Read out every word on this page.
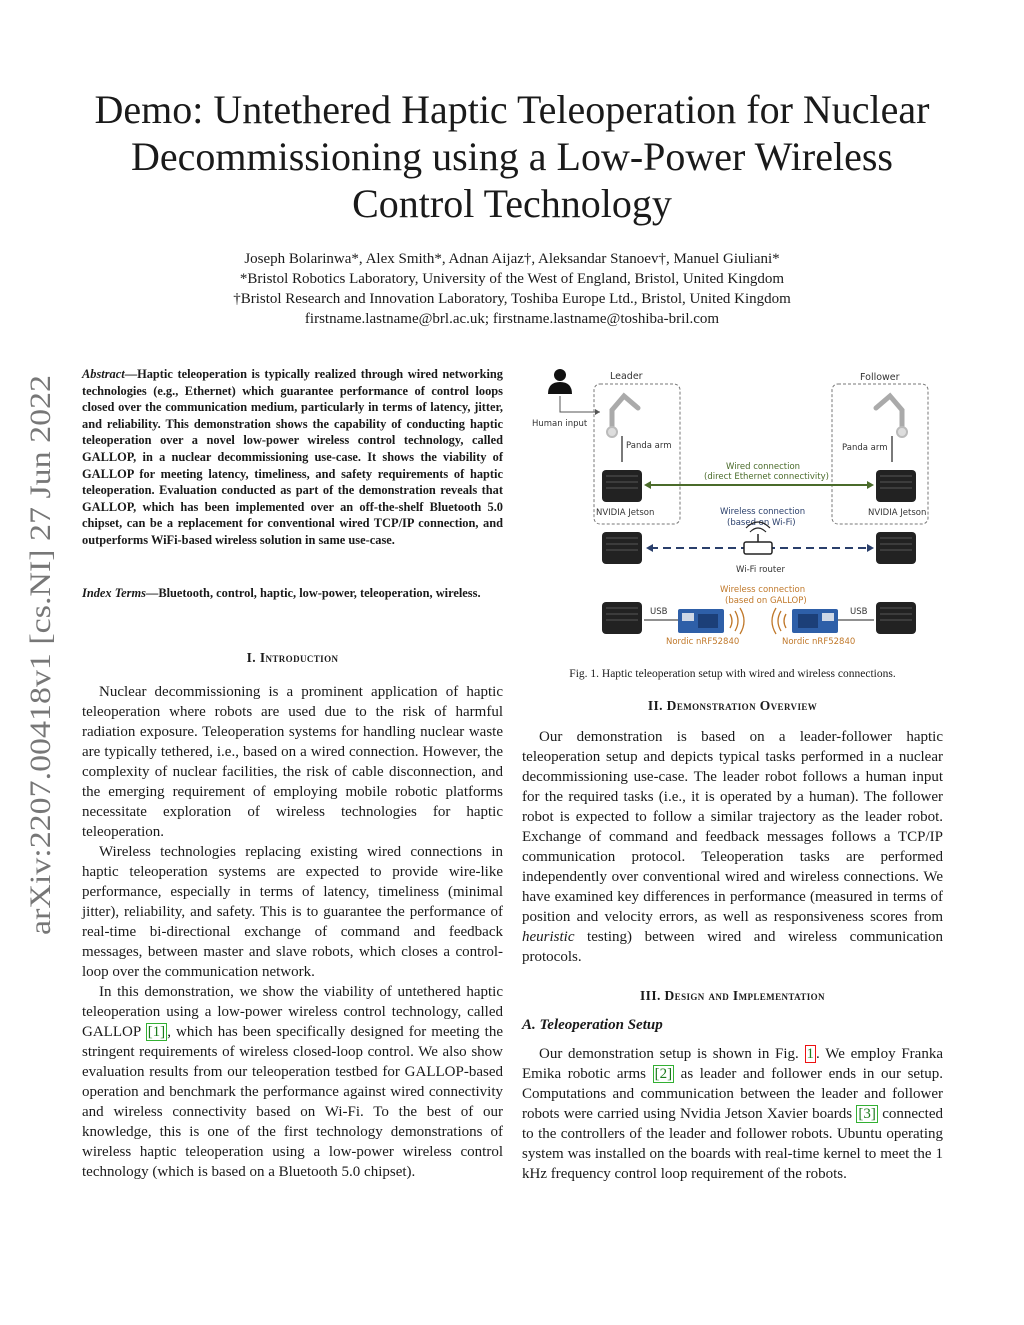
arXiv:2207.00418v1 [cs.NI] 27 Jun 2022
Demo: Untethered Haptic Teleoperation for Nuclear
Decommissioning using a Low-Power Wireless
Control Technology
Joseph Bolarinwa*, Alex Smith*, Adnan Aijaz†, Aleksandar Stanoev†, Manuel Giuliani*
*Bristol Robotics Laboratory, University of the West of England, Bristol, United Kingdom
†Bristol Research and Innovation Laboratory, Toshiba Europe Ltd., Bristol, United Kingdom
firstname.lastname@brl.ac.uk; firstname.lastname@toshiba-bril.com

Abstract—Haptic teleoperation is typically realized through wired networking technologies (e.g., Ethernet) which guarantee performance of control loops closed over the communication medium, particularly in terms of latency, jitter, and reliability. This demonstration shows the capability of conducting haptic teleoperation over a novel low-power wireless control technology, called GALLOP, in a nuclear decommissioning use-case. It shows the viability of GALLOP for meeting latency, timeliness, and safety requirements of haptic teleoperation. Evaluation conducted as part of the demonstration reveals that GALLOP, which has been implemented over an off-the-shelf Bluetooth 5.0 chipset, can be a replacement for conventional wired TCP/IP connection, and outperforms WiFi-based wireless solution in same use-case.

Index Terms—Bluetooth, control, haptic, low-power, teleoperation, wireless.

I. Introduction

Nuclear decommissioning is a prominent application of haptic teleoperation where robots are used due to the risk of harmful radiation exposure. Teleoperation systems for handling nuclear waste are typically tethered, i.e., based on a wired connection. However, the complexity of nuclear facilities, the risk of cable disconnection, and the emerging requirement of employing mobile robotic platforms necessitate exploration of wireless technologies for haptic teleoperation.

Wireless technologies replacing existing wired connections in haptic teleoperation systems are expected to provide wire-like performance, especially in terms of latency, timeliness (minimal jitter), reliability, and safety. This is to guarantee the performance of real-time bi-directional exchange of command and feedback messages, between master and slave robots, which closes a control-loop over the communication network.

In this demonstration, we show the viability of untethered haptic teleoperation using a low-power wireless control technology, called GALLOP [1] , which has been specifically designed for meeting the stringent requirements of wireless closed-loop control. We also show evaluation results from our teleoperation testbed for GALLOP-based operation and benchmark the performance against wired connectivity and wireless connectivity based on Wi-Fi. To the best of our knowledge, this is one of the first technology demonstrations of wireless haptic teleoperation using a low-power wireless control technology (which is based on a Bluetooth 5.0 chipset).

Human input
Leader	Follower
Panda arm	Panda arm
NVIDIA Jetson	NVIDIA Jetson
Wired connection
(direct Ethernet connectivity)
Wireless connection
(based on Wi-Fi)
Wi-Fi router
Wireless connection
(based on GALLOP)
USB	USB
Nordic nRF52840	Nordic nRF52840

Fig. 1. Haptic teleoperation setup with wired and wireless connections.

II. Demonstration Overview

Our demonstration is based on a leader-follower haptic teleoperation setup and depicts typical tasks performed in a nuclear decommissioning use-case. The leader robot follows a human input for the required tasks (i.e., it is operated by a human). The follower robot is expected to follow a similar trajectory as the leader robot. Exchange of command and feedback messages follows a TCP/IP communication protocol. Teleoperation tasks are performed independently over conventional wired and wireless connections. We have examined key differences in performance (measured in terms of position and velocity errors, as well as responsiveness scores from heuristic testing) between wired and wireless communication protocols.

III. Design and Implementation
A. Teleoperation Setup

Our demonstration setup is shown in Fig. 1 . We employ Franka Emika robotic arms [2] as leader and follower ends in our setup. Computations and communication between the leader and follower robots were carried using Nvidia Jetson Xavier boards [3] connected to the controllers of the leader and follower robots. Ubuntu operating system was installed on the boards with real-time kernel to meet the 1 kHz frequency control loop requirement of the robots.
